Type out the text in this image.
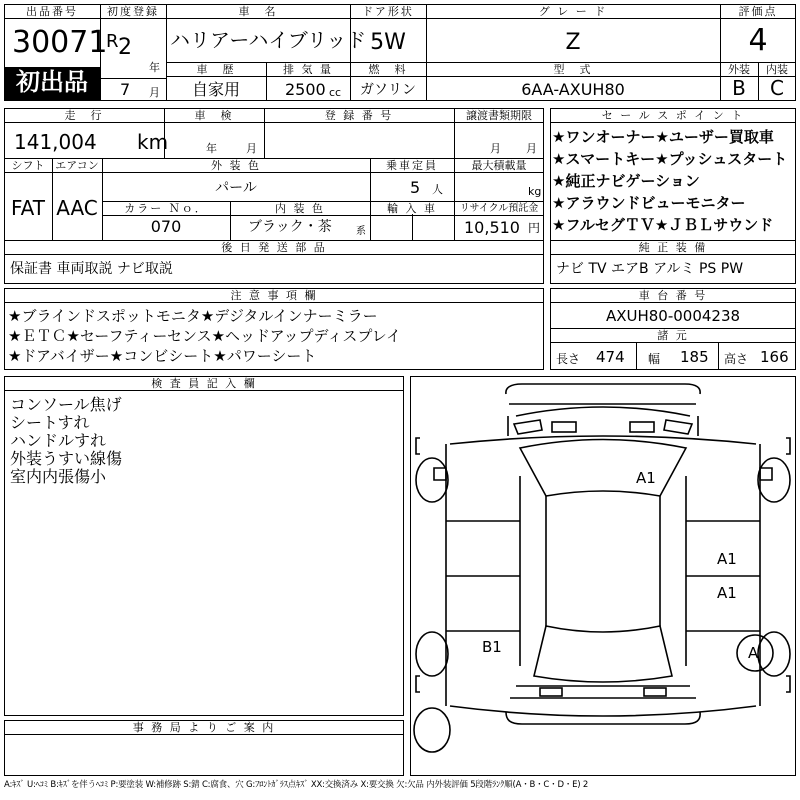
出品番号
30071
初出品
初度登録
R 2
年
7 月
車　名
ハリアーハイブリッド
車　歴	排 気 量
自家用	2500 cc
ドア形状
5W
燃　料
ガソリン
グ レ ー ド
Z
型　式
6AA-AXUH80
評価点
4
外装	内装
B	C
走　行
141,004 km
車　検
年	月
登 録 番 号	譲渡書類期限
月 月
シフト
FAT
エアコン
AAC
外 装 色
パール
乗車定員
5 人
最大積載量
kg
カラー Ｎｏ．
070
内 装 色
ブラック・茶 系
輸 入 車	リサイクル預託金
10,510 円
後 日 発 送 部 品
保証書 車両取説 ナビ取説
セ ー ル ス ポ イ ン ト
★ワンオーナー★ユーザー買取車
★スマートキー★プッシュスタート
★純正ナビゲーション
★アラウンドビューモニター
★フルセグＴＶ★ＪＢＬサウンド
純 正 装 備
ナビ TV エアB アルミ PS PW
注 意 事 項 欄
★ブラインドスポットモニタ★デジタルインナーミラー
★ＥＴＣ★セーフティーセンス★ヘッドアップディスプレイ
★ドアバイザー★コンビシート★パワーシート
車 台 番 号
AXUH80-0004238
諸 元
長さ 474 幅 185 高さ 166
検 査 員 記 入 欄
コンソール焦げ
シートすれ
ハンドルすれ
外装うすい線傷
室内内張傷小
事 務 局 よ り ご 案 内
A1
A1
A1
B1	A
A:ｷｽﾞ U:ﾍｺﾐ B:ｷｽﾞを伴うﾍｺﾐ P:要塗装 W:補修跡 S:錆 C:腐食、穴 G:ﾌﾛﾝﾄｶﾞﾗｽ点ｷｽﾞ XX:交換済み X:要交換 欠:欠品 内外装評価 5段階ﾗﾝｸ順(A・B・C・D・E) 2
